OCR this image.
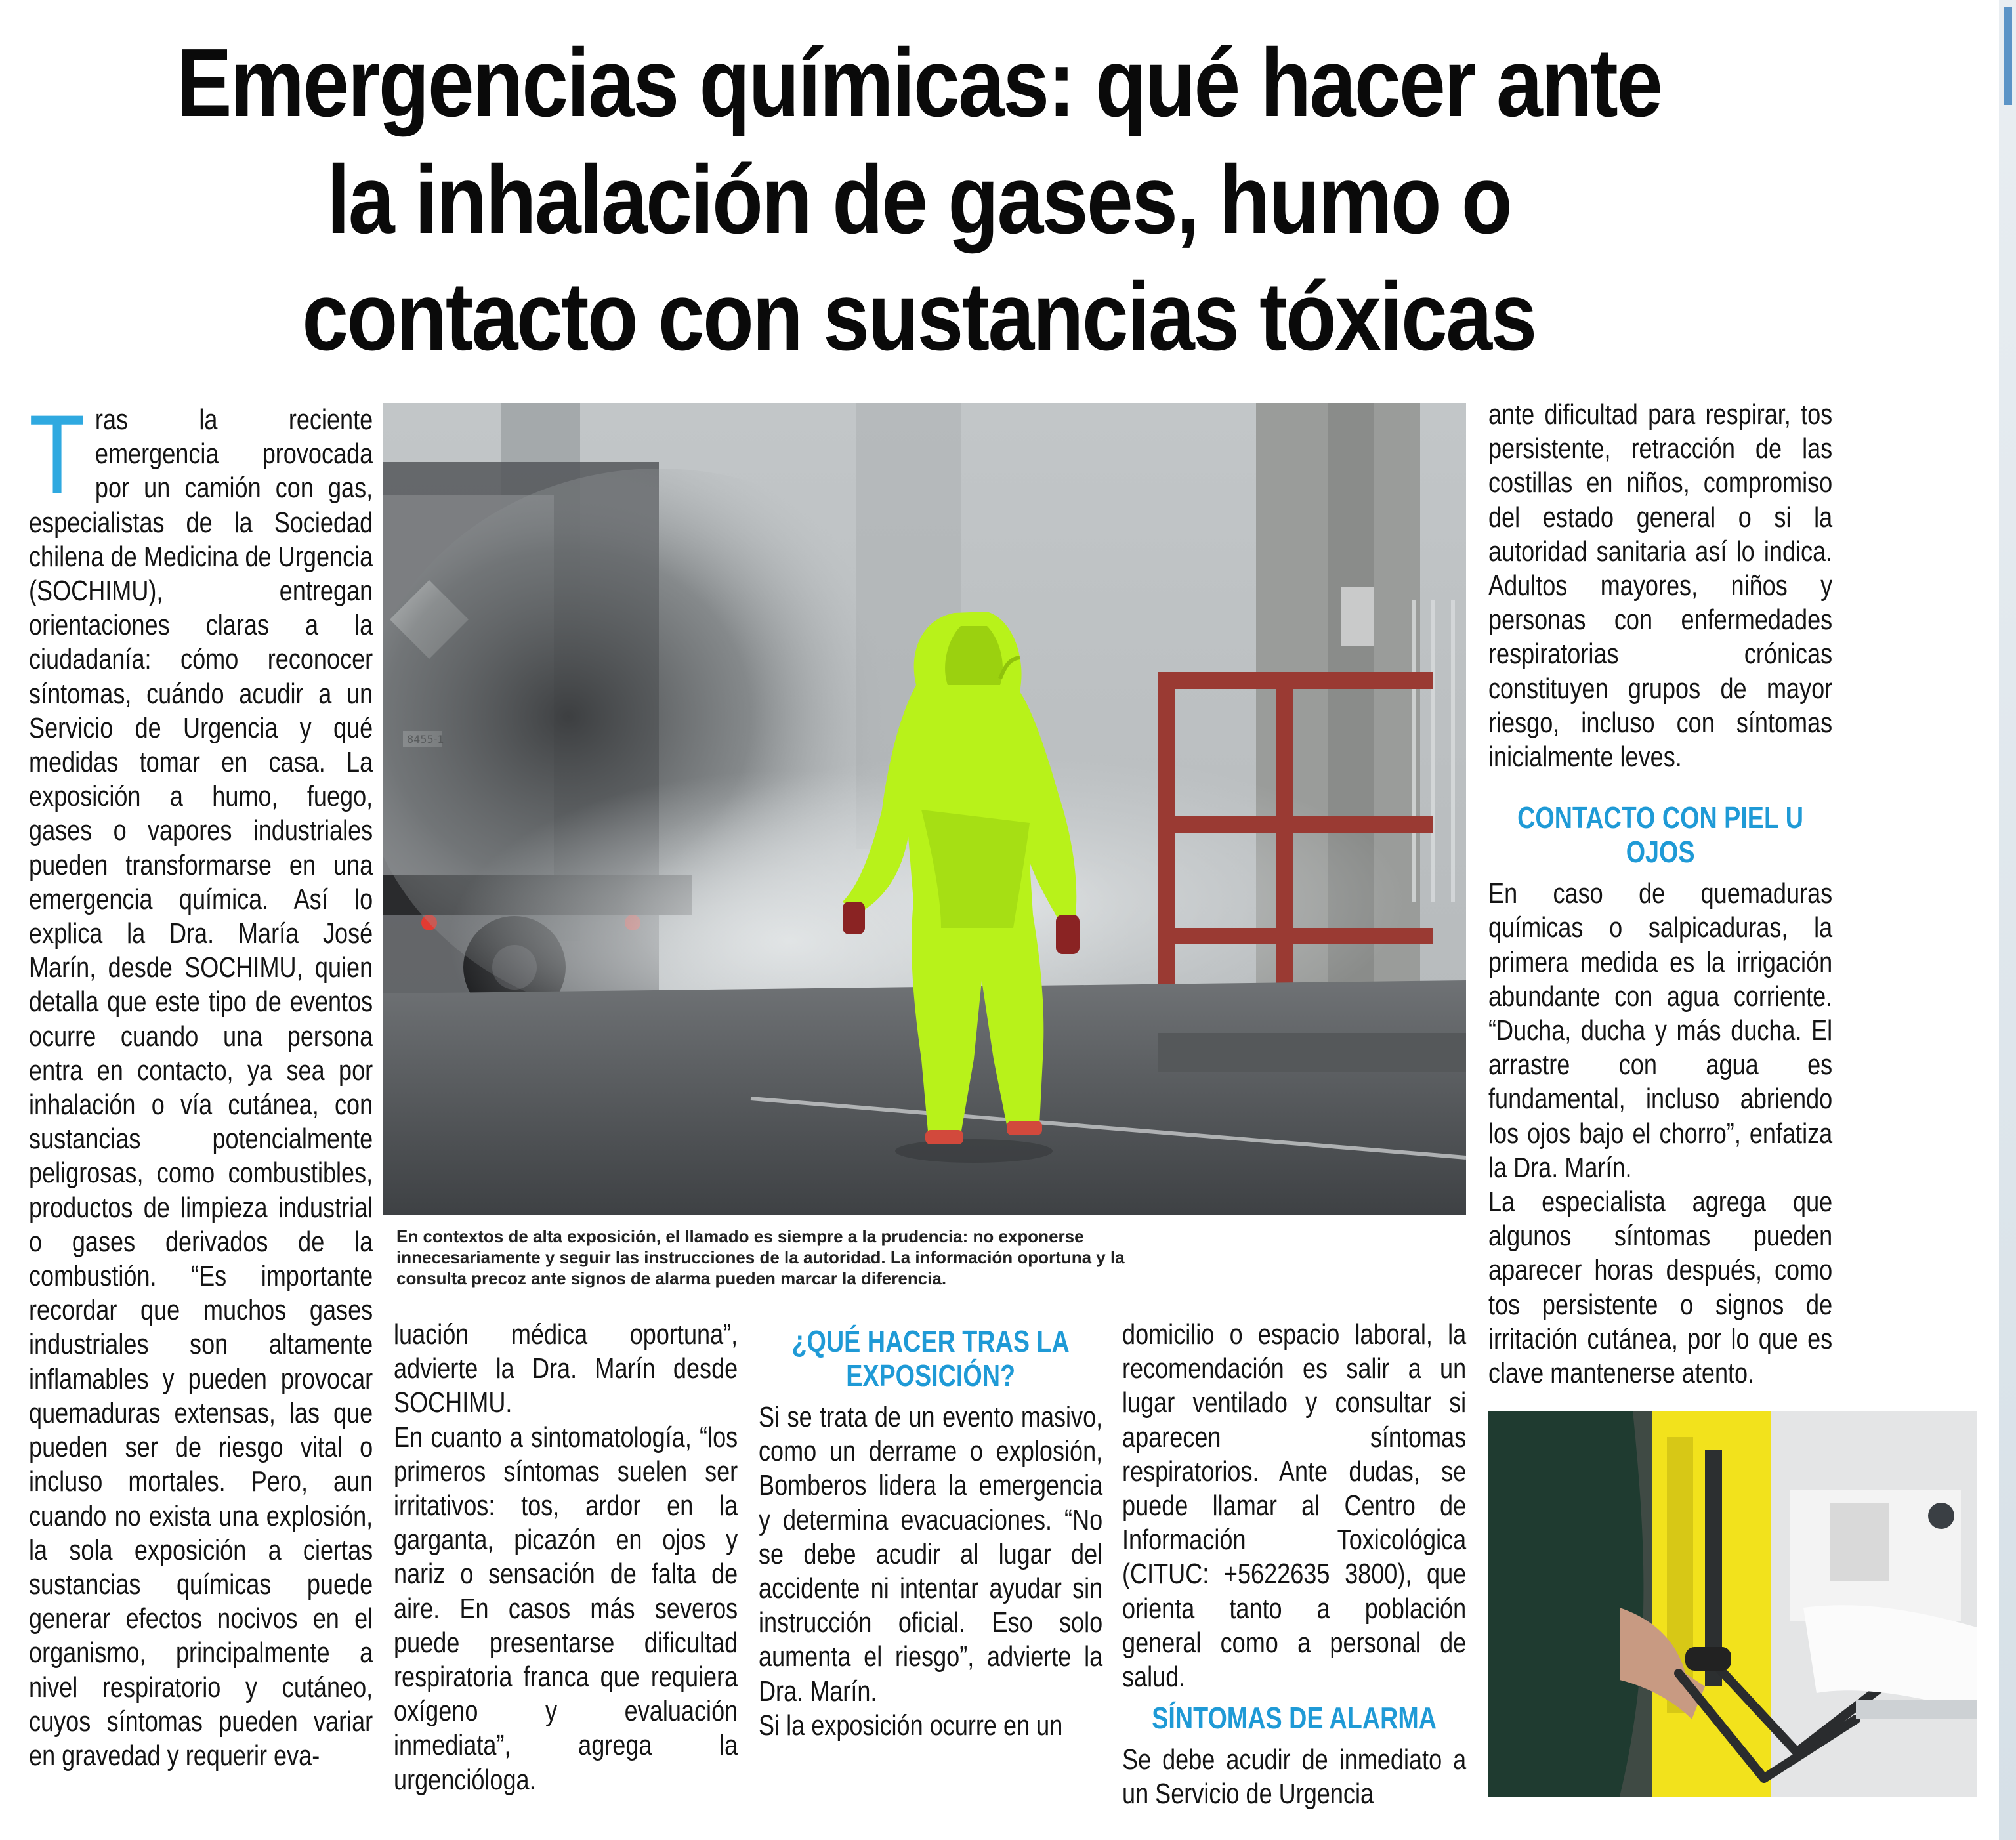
Emergencias químicas: qué hacer ante la inhalación de gases, humo o contacto con sustancias tóxicas

Tras la reciente emergencia provocada por un camión con gas, especialistas de la Sociedad chilena de Medicina de Urgencia (SOCHIMU), entregan orientaciones claras a la ciudadanía: cómo reconocer síntomas, cuándo acudir a un Servicio de Urgencia y qué medidas tomar en casa. La exposición a humo, fuego, gases o vapores industriales pueden transformarse en una emergencia química. Así lo explica la Dra. María José Marín, desde SOCHIMU, quien detalla que este tipo de eventos ocurre cuando una persona entra en contacto, ya sea por inhalación o vía cutánea, con sustancias potencialmente peligrosas, como combustibles, productos de limpieza industrial o gases derivados de la combustión. “Es importante recordar que muchos gases industriales son altamente inflamables y pueden provocar quemaduras extensas, las que pueden ser de riesgo vital o incluso mortales. Pero, aun cuando no exista una explosión, la sola exposición a ciertas sustancias químicas puede generar efectos nocivos en el organismo, principalmente a nivel respiratorio y cutáneo, cuyos síntomas pueden variar en gravedad y requerir eva-

En contextos de alta exposición, el llamado es siempre a la prudencia: no exponerse innecesariamente y seguir las instrucciones de la autoridad. La información oportuna y la consulta precoz ante signos de alarma pueden marcar la diferencia.

luación médica oportuna”, advierte la Dra. Marín desde SOCHIMU.

En cuanto a sintomatología, “los primeros síntomas suelen ser irritativos: tos, ardor en la garganta, picazón en ojos y nariz o sensación de falta de aire. En casos más severos puede presentarse dificultad respiratoria franca que requiera oxígeno y evaluación inmediata”, agrega la urgencióloga.

¿QUÉ HACER TRAS LA EXPOSICIÓN?

Si se trata de un evento masivo, como un derrame o explosión, Bomberos lidera la emergencia y determina evacuaciones. “No se debe acudir al lugar del accidente ni intentar ayudar sin instrucción oficial. Eso solo aumenta el riesgo”, advierte la Dra. Marín.

Si la exposición ocurre en un

domicilio o espacio laboral, la recomendación es salir a un lugar ventilado y consultar si aparecen síntomas respiratorios. Ante dudas, se puede llamar al Centro de Información Toxicológica (CITUC: +5622635 3800), que orienta tanto a población general como a personal de salud.

SÍNTOMAS DE ALARMA

Se debe acudir de inmediato a un Servicio de Urgencia

ante dificultad para respirar, tos persistente, retracción de las costillas en niños, compromiso del estado general o si la autoridad sanitaria así lo indica. Adultos mayores, niños y personas con enfermedades respiratorias crónicas constituyen grupos de mayor riesgo, incluso con síntomas inicialmente leves.

CONTACTO CON PIEL U OJOS

En caso de quemaduras químicas o salpicaduras, la primera medida es la irrigación abundante con agua corriente. “Ducha, ducha y más ducha. El arrastre con agua es fundamental, incluso abriendo los ojos bajo el chorro”, enfatiza la Dra. Marín.

La especialista agrega que algunos síntomas pueden aparecer horas después, como tos persistente o signos de irritación cutánea, por lo que es clave mantenerse atento.
